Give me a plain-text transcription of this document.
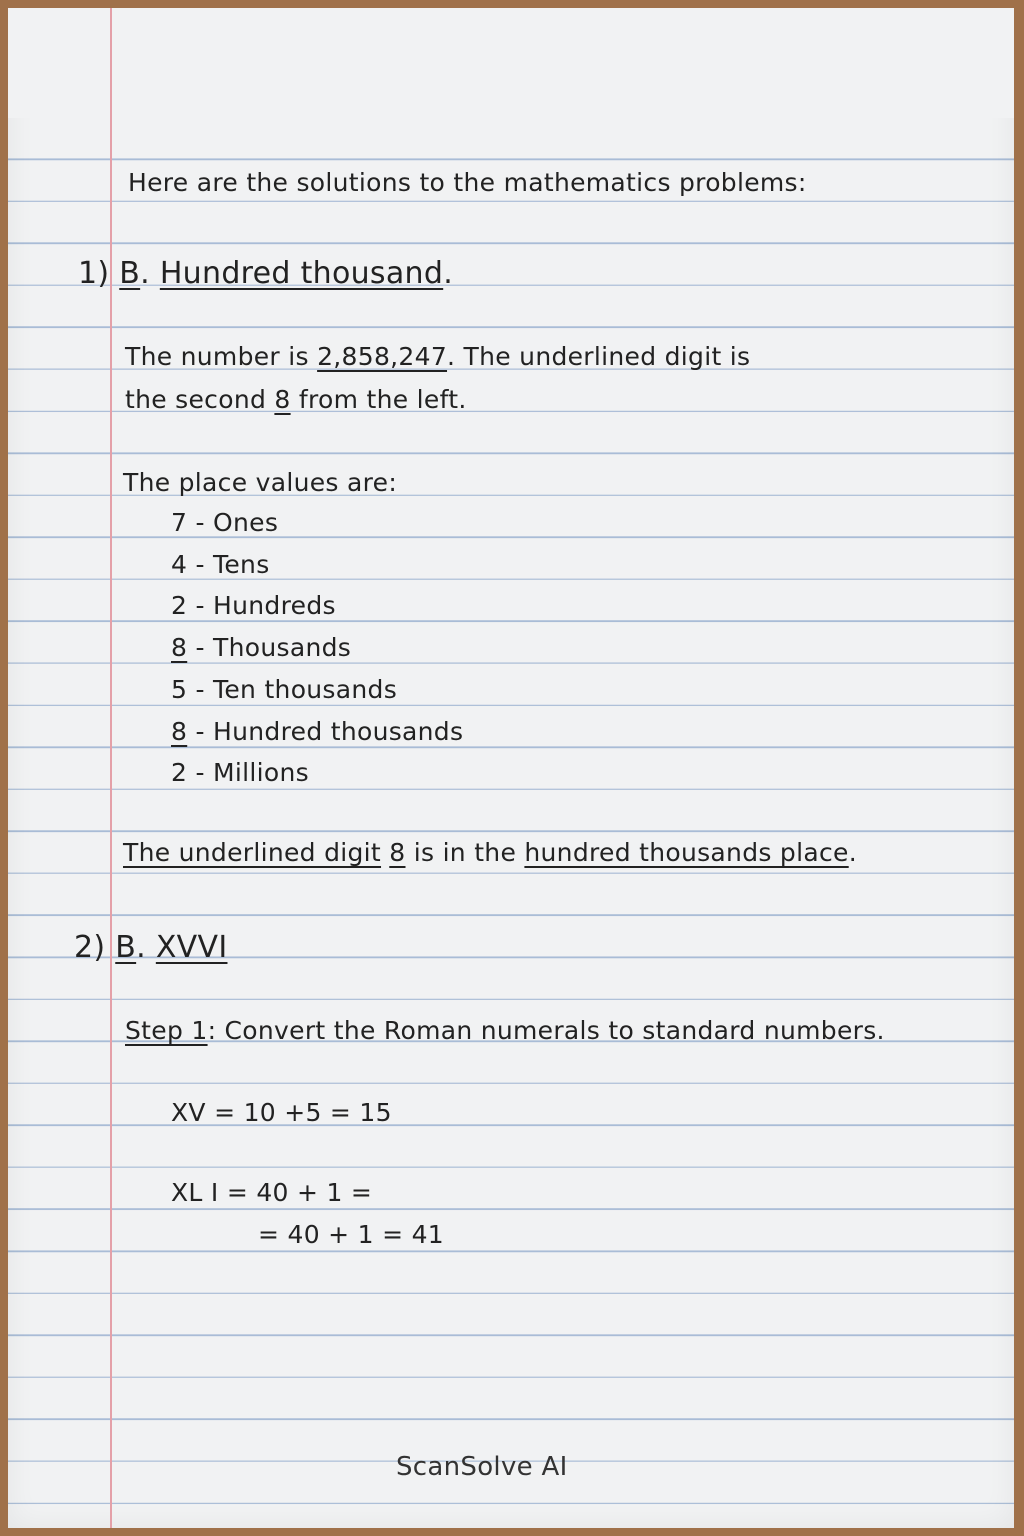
Here are the solutions to the mathematics problems:
1) B. Hundred thousand.
The number is 2,858,247. The underlined digit is
the second 8 from the left.
The place values are:
7 - Ones
4 - Tens
2 - Hundreds
8 - Thousands
5 - Ten thousands
8 - Hundred thousands
2 - Millions
The underlined digit 8 is in the hundred thousands place.
2) B. XVVI
Step 1: Convert the Roman numerals to standard numbers.
XV = 10 +5 = 15
XL I = 40 + 1 =
= 40 + 1 = 41
ScanSolve AI
